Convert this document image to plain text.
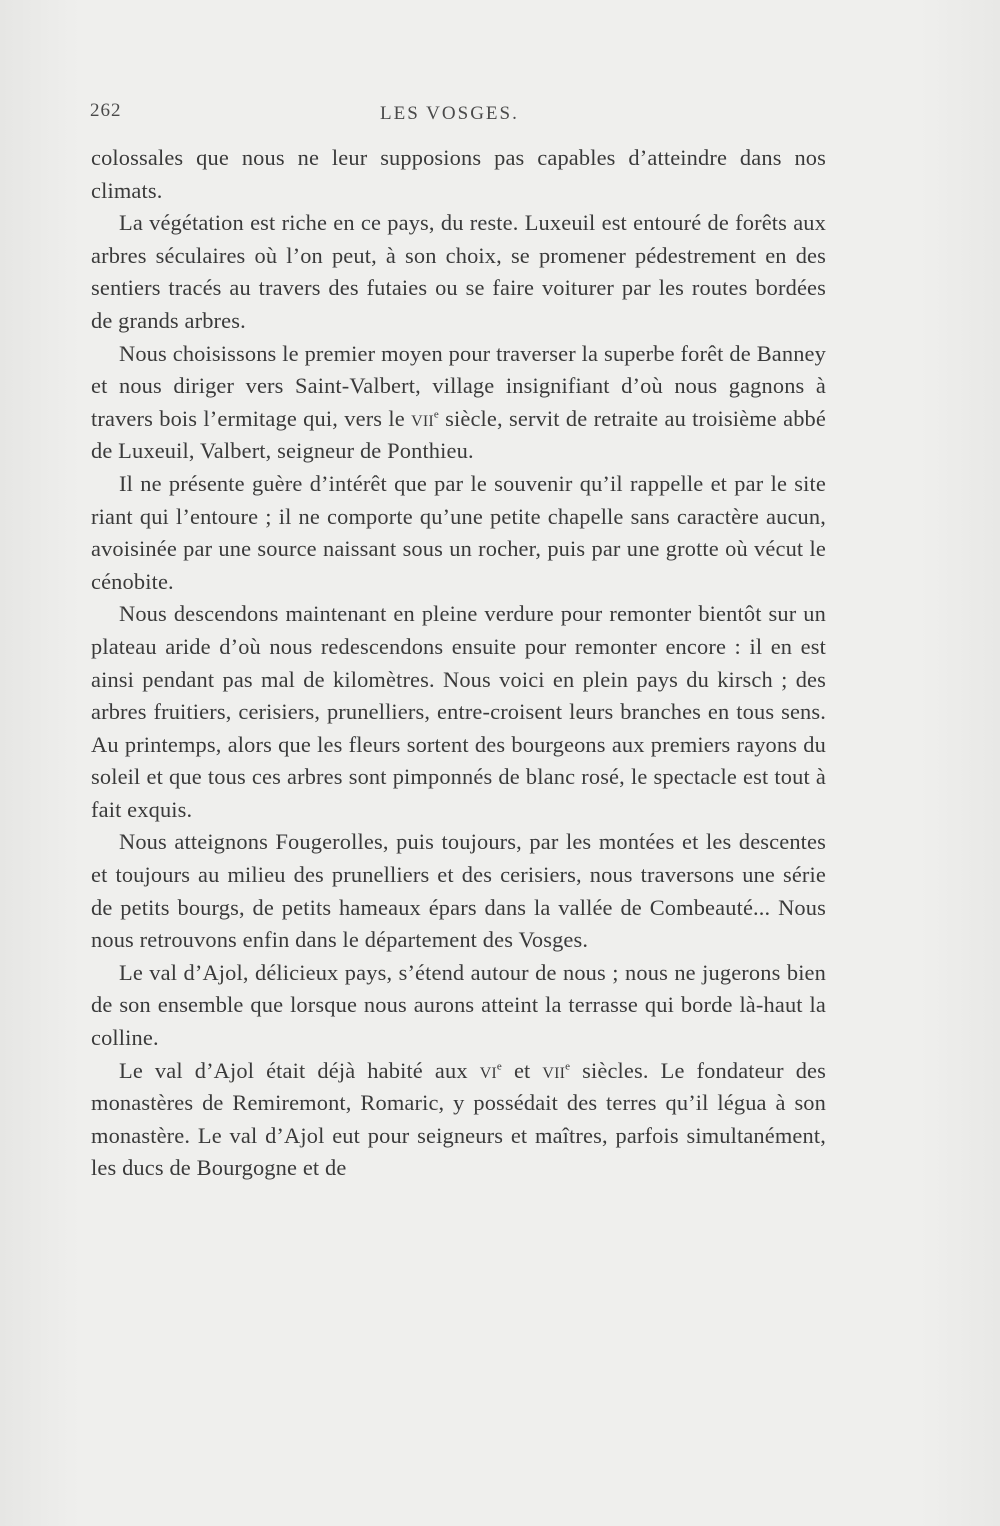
262	LES VOSGES.

colossales que nous ne leur supposions pas capables d’atteindre dans nos climats.

La végétation est riche en ce pays, du reste. Luxeuil est entouré de forêts aux arbres séculaires où l’on peut, à son choix, se promener pédestrement en des sentiers tracés au travers des futaies ou se faire voiturer par les routes bordées de grands arbres.

Nous choisissons le premier moyen pour traverser la superbe forêt de Banney et nous diriger vers Saint-Valbert, village insignifiant d’où nous gagnons à travers bois l’ermitage qui, vers le vii$^e$ siècle, servit de retraite au troisième abbé de Luxeuil, Valbert, seigneur de Ponthieu.

Il ne présente guère d’intérêt que par le souvenir qu’il rappelle et par le site riant qui l’entoure ; il ne comporte qu’une petite chapelle sans caractère aucun, avoisinée par une source naissant sous un rocher, puis par une grotte où vécut le cénobite.

Nous descendons maintenant en pleine verdure pour remonter bientôt sur un plateau aride d’où nous redescendons ensuite pour remonter encore : il en est ainsi pendant pas mal de kilomètres. Nous voici en plein pays du kirsch ; des arbres fruitiers, cerisiers, prunelliers, entre-croisent leurs branches en tous sens. Au printemps, alors que les fleurs sortent des bourgeons aux premiers rayons du soleil et que tous ces arbres sont pimponnés de blanc rosé, le spectacle est tout à fait exquis.

Nous atteignons Fougerolles, puis toujours, par les montées et les descentes et toujours au milieu des prunelliers et des cerisiers, nous traversons une série de petits bourgs, de petits hameaux épars dans la vallée de Combeauté... Nous nous retrouvons enfin dans le département des Vosges.

Le val d’Ajol, délicieux pays, s’étend autour de nous ; nous ne jugerons bien de son ensemble que lorsque nous aurons atteint la terrasse qui borde là-haut la colline.

Le val d’Ajol était déjà habité aux $vi^e$ et vii$^e$ siècles. Le fondateur des monastères de Remiremont, Romaric, y possédait des terres qu’il légua à son monastère. Le val d’Ajol eut pour seigneurs et maîtres, parfois simultanément, les ducs de Bourgogne et de
